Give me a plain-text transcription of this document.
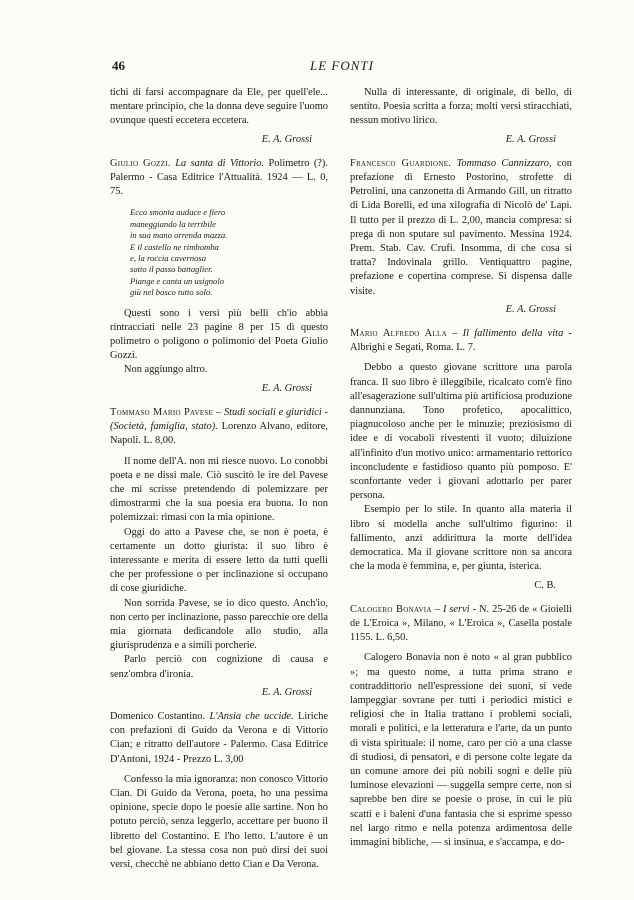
46	LE FONTI

tichi di farsi accompagnare da Ele, per quell'ele... mentare principio, che la donna deve seguire l'uomo ovunque questi eccetera eccetera.

E. A. Grossi

Giulio Gozzi. La santa di Vittorio. Polimetro (?). Palermo - Casa Editrice l'Attualità. 1924 — L. 0, 75.

Ecco smonta audace e fiero
maneggiando la terribile
in sua mano orrenda mazza.
E il castello ne rimbomba
e, la roccia cavernosa
sotto il passo battaglier.
Piange e canta un usignolo
giù nel bosco tutto solo.

Questi sono i versi più belli ch'io abbia rintracciati nelle 23 pagine 8 per 15 di questo polimetro o poligono o polimonio del Poeta Giulio Gozzi.

Non aggiungo altro.

E. A. Grossi

Tommaso Mario Pavese – Studi sociali e giuridici - (Società, famiglia, stato). Lorenzo Alvano, editore, Napoli. L. 8,00.

Il nome dell'A. non mi riesce nuovo. Lo conobbi poeta e ne dissi male. Ciò suscitò le ire del Pavese che mi scrisse pretendendo di polemizzare per dimostrarmi che la sua poesia era buona. Io non polemizzai: rimasi con la mia opinione.

Oggi do atto a Pavese che, se non è poeta, è certamente un dotto giurista: il suo libro è interessante e merita di essere letto da tutti quelli che per professione o per inclinazione si occupano di cose giuridiche.

Non sorrida Pavese, se io dico questo. Anch'io, non certo per inclinazione, passo parecchie ore della mia giornata dedicandole allo studio, alla giurisprudenza e a simili porcherie.

Parlo perciò con cognizione di causa e senz'ombra d'ironia.

E. A. Grossi

Domenico Costantino. L'Ansia che uccide. Liriche con prefazioni di Guido da Verona e di Vittorio Cian; e ritratto dell'autore - Palermo. Casa Editrice D'Antoni, 1924 - Prezzo L. 3,00

Confesso la mia ignoranza: non conosco Vittorio Cian. Di Guido da Verona, poeta, ho una pessima opinione, specie dopo le poesie alle sartine. Non ho potuto perciò, senza leggerlo, accettare per buono il libretto del Costantino. E l'ho letto. L'autore è un bel giovane. La stessa cosa non può dirsi dei suoi versi, checchè ne abbiano detto Cian e Da Verona.

Nulla di interessante, di originale, di bello, di sentito. Poesia scritta a forza; molti versi stiracchiati, nessun motivo lirico.

E. A. Grossi

Francesco Guardione. Tommaso Cannizzaro, con prefazione di Ernesto Postorino, strofette di Petrolini, una canzonetta di Armando Gill, un ritratto di Lida Borelli, ed una xilografia di Nicolò de' Lapi. Il tutto per il prezzo di L. 2,00, mancia compresa: si prega di non sputare sul pavimento. Messina 1924. Prem. Stab. Cav. Crufi. Insomma, di che cosa si tratta? Indovinala grillo. Ventiquattro pagine, prefazione e copertina comprese. Si dispensa dalle visite.

E. A. Grossi

Mario Alfredo Alla – Il fallimento della vita - Albrighi e Segati, Roma. L. 7.

Debbo a questo giovane scrittore una parola franca. Il suo libro è illeggibile, ricalcato com'è fino all'esagerazione sull'ultima più artificiosa produzione dannunziana. Tono profetico, apocalittico, piagnucoloso anche per le minuzie; preziosismo di idee e di vocaboli rivestenti il vuoto; diluizione all'infinito d'un motivo unico: armamentario rettorico inconcludente e fastidioso quanto più pomposo. E' sconfortante veder i giovani adottarlo per parer persona.

Esempio per lo stile. In quanto alla materia il libro si modella anche sull'ultimo figurino: il fallimento, anzi addirittura la morte dell'idea democratica. Ma il giovane scrittore non sa ancora che la moda è femmina, e, per giunta, isterica.

C. B.

Calogero Bonavia – I servi - N. 25-26 de « Gioielli de L'Eroica », Milano, « L'Eroica », Casella postale 1155. L. 6,50.

Calogero Bonavia non è noto « al gran pubblico »; ma questo nome, a tutta prima strano e contraddittorio nell'espressione dei suoni, si vede lampeggiar sovrane per tutti i periodici mistici e religiosi che in Italia trattano i problemi sociali, morali e politici, e la letteratura e l'arte, da un punto di vista spirituale: il nome, caro per ciò a una classe di studiosi, di pensatori, e di persone colte legate da un comune amore dei più nobili sogni e delle più luminose elevazioni — suggella sempre certe, non si saprebbe ben dire se poesie o prose, in cui le più scatti e i baleni d'una fantasia che si esprime spesso nel largo ritmo e nella potenza ardimentosa delle immagini bibliche, — si insinua, e s'accampa, e do-
